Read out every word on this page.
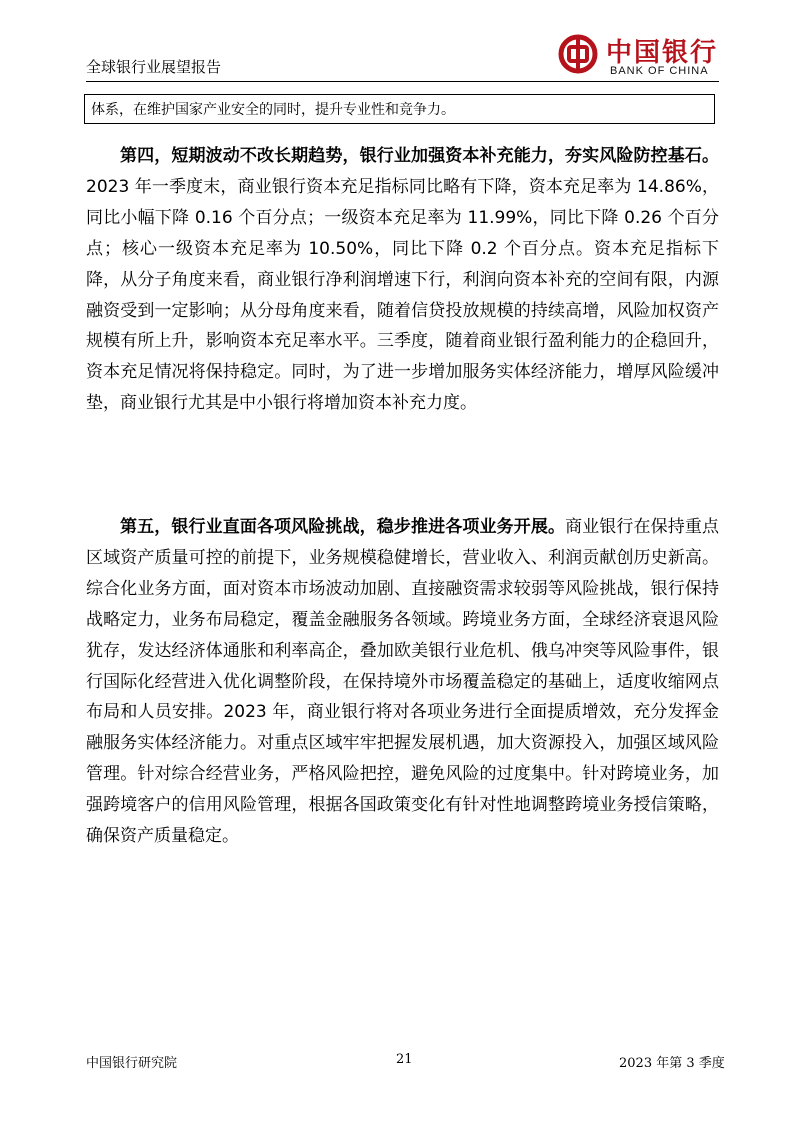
全球银行业展望报告	中国银行
BANK OF CHINA
体系，在维护国家产业安全的同时，提升专业性和竞争力。

第四，短期波动不改长期趋势，银行业加强资本补充能力，夯实风险防控基石。2023 年一季度末，商业银行资本充足指标同比略有下降，资本充足率为 14.86%，同比小幅下降 0.16 个百分点；一级资本充足率为 11.99%，同比下降 0.26 个百分点；核心一级资本充足率为 10.50%，同比下降 0.2 个百分点。资本充足指标下降，从分子角度来看，商业银行净利润增速下行，利润向资本补充的空间有限，内源融资受到一定影响；从分母角度来看，随着信贷投放规模的持续高增，风险加权资产规模有所上升，影响资本充足率水平。三季度，随着商业银行盈利能力的企稳回升，资本充足情况将保持稳定。同时，为了进一步增加服务实体经济能力，增厚风险缓冲垫，商业银行尤其是中小银行将增加资本补充力度。

第五，银行业直面各项风险挑战，稳步推进各项业务开展。商业银行在保持重点区域资产质量可控的前提下，业务规模稳健增长，营业收入、利润贡献创历史新高。综合化业务方面，面对资本市场波动加剧、直接融资需求较弱等风险挑战，银行保持战略定力，业务布局稳定，覆盖金融服务各领域。跨境业务方面，全球经济衰退风险犹存，发达经济体通胀和利率高企，叠加欧美银行业危机、俄乌冲突等风险事件，银行国际化经营进入优化调整阶段，在保持境外市场覆盖稳定的基础上，适度收缩网点布局和人员安排。2023 年，商业银行将对各项业务进行全面提质增效，充分发挥金融服务实体经济能力。对重点区域牢牢把握发展机遇，加大资源投入，加强区域风险管理。针对综合经营业务，严格风险把控，避免风险的过度集中。针对跨境业务，加强跨境客户的信用风险管理，根据各国政策变化有针对性地调整跨境业务授信策略，确保资产质量稳定。

中国银行研究院	21	2023 年第 3 季度
